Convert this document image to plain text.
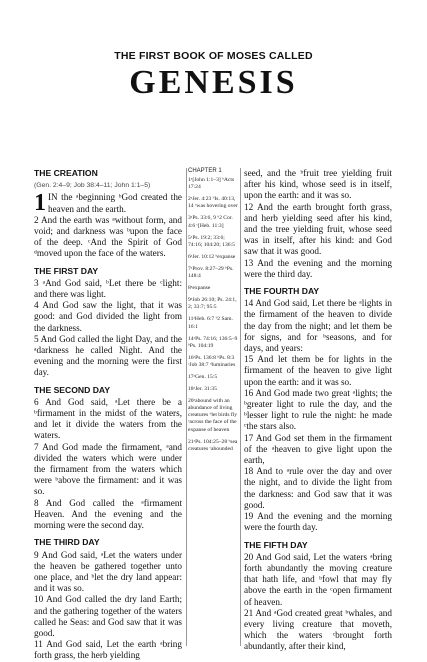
THE FIRST BOOK OF MOSES CALLED
GENESIS
THE CREATION
(Gen. 2:4–9; Job 38:4–11; John 1:1–5)

1 IN the ᵃbeginning ᵇGod created the heaven and the earth.

2 And the earth was ᵃwithout form, and void; and darkness was ᵇupon the face of the deep. ᶜAnd the Spirit of God ᵈmoved upon the face of the waters.

THE FIRST DAY

3 ᵃAnd God said, ᵇLet there be ᶜlight: and there was light.

4 And God saw the light, that it was good: and God divided the light from the darkness.

5 And God called the light Day, and the ᵃdarkness he called Night. And the evening and the morning were the first day.

THE SECOND DAY

6 And God said, ᵃLet there be a ᵇfirmament in the midst of the waters, and let it divide the waters from the waters.

7 And God made the firmament, ᵃand divided the waters which were under the firmament from the waters which were ᵇabove the firmament: and it was so.

8 And God called the ᵃfirmament Heaven. And the evening and the morning were the second day.

THE THIRD DAY

9 And God said, ᵃLet the waters under the heaven be gathered together unto one place, and ᵇlet the dry land appear: and it was so.

10 And God called the dry land Earth; and the gathering together of the waters called he Seas: and God saw that it was good.

11 And God said, Let the earth ᵃbring forth grass, the herb yielding

CHAPTER 1
1ᵃ[John 1:1–3] ᵇActs 17:24
2ᵃJer. 4:23 ᵇIs. 40:13, 14 ᶜwas hovering over
3ᵃPs. 33:6, 9 ᵇ2 Cor. 4:6 ᶜ[Heb. 11:3]
5ᵃPs. 19:2; 33:6; 74:16; 104:20; 136:5
6ᵃJer. 10:12 ᵇexpanse
7ᵃProv. 8:27–29 ᵇPs. 148:4
8ᵃexpanse
9ᵃJob 26:10; Ps. 24:1, 2; 33:7; 95:5
11ᵃHeb. 6:7 ᵇ2 Sam. 16:1
14ᵃPs. 74:16; 136:5–9 ᵇPs. 104:19
16ᵃPs. 136:8 ᵇPs. 8:3 ᶜJob 38:7 ᵈluminaries
17ᵃGen. 15:5
18ᵃJer. 31:35
20ᵃabound with an abundance of living creatures ᵇlet birds fly ᶜacross the face of the expanse of heaven
21ᵃPs. 104:25–28 ᵇsea creatures ᶜabounded

seed, and the ᵇfruit tree yielding fruit after his kind, whose seed is in itself, upon the earth: and it was so.

12 And the earth brought forth grass, and herb yielding seed after his kind, and the tree yielding fruit, whose seed was in itself, after his kind: and God saw that it was good.

13 And the evening and the morning were the third day.

THE FOURTH DAY

14 And God said, Let there be ᵃlights in the firmament of the heaven to divide the day from the night; and let them be for signs, and for ᵇseasons, and for days, and years:

15 And let them be for lights in the firmament of the heaven to give light upon the earth: and it was so.

16 And God made two great ᵃlights; the ᵇgreater light to rule the day, and the ᵇlesser light to rule the night: he made ᶜthe stars also.

17 And God set them in the firmament of the ᵃheaven to give light upon the earth,

18 And to ᵃrule over the day and over the night, and to divide the light from the darkness: and God saw that it was good.

19 And the evening and the morning were the fourth day.

THE FIFTH DAY

20 And God said, Let the waters ᵃbring forth abundantly the moving creature that hath life, and ᵇfowl that may fly above the earth in the ᶜopen firmament of heaven.

21 And ᵃGod created great ᵇwhales, and every living creature that moveth, which the waters ᶜbrought forth abundantly, after their kind,
